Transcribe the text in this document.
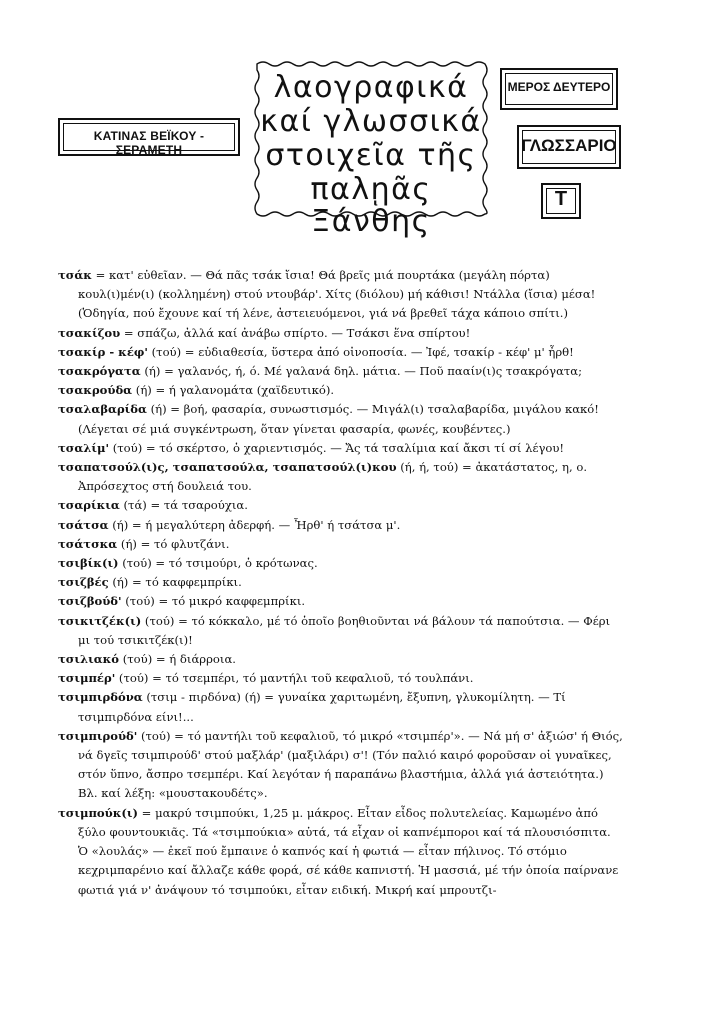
ΚΑΤΙΝΑΣ ΒΕΪΚΟΥ - ΣΕΡΑΜΕΤΗ
λαογραφικά
καί γλωσσικά
στοιχεῖα τῆς
παλῃᾶς Ξάνθης
ΜΕΡΟΣ ΔΕΥΤΕΡΟ
ΓΛΩΣΣΑΡΙΟ
Τ

τσάκ = κατ' εὐθεῖαν. — Θά πᾶς τσάκ ἴσια! Θά βρεῖς μιά πουρτάκα (μεγάλη πόρτα) κουλ(ι)μέν(ι) (κολλημένη) στού ντουβάρ'. Χίτς (διόλου) μή κάθισι! Ντάλλα (ἴσια) μέσα! (Ὁδηγία, πού ἔχουνε καί τή λένε, ἀστειευόμενοι, γιά νά βρεθεῖ τάχα κάποιο σπίτι.)

τσακίζου = σπάζω, ἀλλά καί ἀνάβω σπίρτο. — Τσάκσι ἕνα σπίρτου!

τσακίρ - κέφ' (τού) = εὐδιαθεσία, ὕστερα ἀπό οἰνοποσία. — Ἰφέ, τσακίρ - κέφ' μ' ἦρθ!

τσακρόγατα (ή) = γαλανός, ή, ό. Μέ γαλανά δηλ. μάτια. — Ποῦ πααίν(ι)ς τσακρόγατα;

τσακρούδα (ή) = ή γαλανομάτα (χαϊδευτικό).

τσαλαβαρίδα (ή) = βοή, φασαρία, συνωστισμός. — Μιγάλ(ι) τσαλαβαρίδα, μιγάλου κακό! (Λέγεται σέ μιά συγκέντρωση, ὅταν γίνεται φασαρία, φωνές, κουβέντες.)

τσαλίμ' (τού) = τό σκέρτσο, ὁ χαριεντισμός. — Ἄς τά τσαλίμια καί ἄκσι τί σί λέγου!

τσαπατσούλ(ι)ς, τσαπατσούλα, τσαπατσούλ(ι)κου (ή, ή, τού) = ἀκατάστατος, η, ο. Ἀπρόσεχτος στή δουλειά του.

τσαρίκια (τά) = τά τσαρούχια.

τσάτσα (ή) = ή μεγαλύτερη ἀδερφή. — Ἦρθ' ή τσάτσα μ'.

τσάτσκα (ή) = τό φλυτζάνι.

τσιβίκ(ι) (τού) = τό τσιμούρι, ὁ κρότωνας.

τσιζβές (ή) = τό καφφεμπρίκι.

τσιζβούδ' (τού) = τό μικρό καφφεμπρίκι.

τσικιτζέκ(ι) (τού) = τό κόκκαλο, μέ τό ὁποῖο βοηθιοῦνται νά βάλουν τά παπούτσια. — Φέρι μι τού τσικιτζέκ(ι)!

τσιλιακό (τού) = ή διάρροια.

τσιμπέρ' (τού) = τό τσεμπέρι, τό μαντήλι τοῦ κεφαλιοῦ, τό τουλπάνι.

τσιμπιρδόνα (τσιμ - πιρδόνα) (ή) = γυναίκα χαριτωμένη, ἔξυπνη, γλυκομίλητη. — Τί τσιμπιρδόνα είνι!...

τσιμπιρούδ' (τού) = τό μαντήλι τοῦ κεφαλιοῦ, τό μικρό «τσιμπέρ'». — Νά μή σ' ἀξιώσ' ή Θιός, νά δγεῖς τσιμπιρούδ' στού μαξλάρ' (μαξιλάρι) σ'! (Τόν παλιό καιρό φοροῦσαν οἱ γυναῖκες, στόν ὕπνο, ἄσπρο τσεμπέρι. Καί λεγόταν ή παραπάνω βλαστήμια, ἀλλά γιά ἀστειότητα.) Βλ. καί λέξη: «μουστακουδέτς».

τσιμπούκ(ι) = μακρύ τσιμπούκι, 1,25 μ. μάκρος. Εἶταν εἶδος πολυτελείας. Καμωμένο ἀπό ξύλο φουντουκιᾶς. Τά «τσιμπούκια» αὐτά, τά εἶχαν οἱ καπνέμποροι καί τά πλουσιόσπιτα. Ὁ «λουλάς» — ἐκεῖ πού ἔμπαινε ὁ καπνός καί ἡ φωτιά — εἶταν πήλινος. Τό στόμιο κεχριμπαρένιο καί ἄλλαζε κάθε φορά, σέ κάθε καπνιστή. Ἡ μασσιά, μέ τήν ὁποία παίρνανε φωτιά γιά ν' ἀνάψουν τό τσιμπούκι, εἶταν ειδική. Μικρή καί μπρουτζι-
